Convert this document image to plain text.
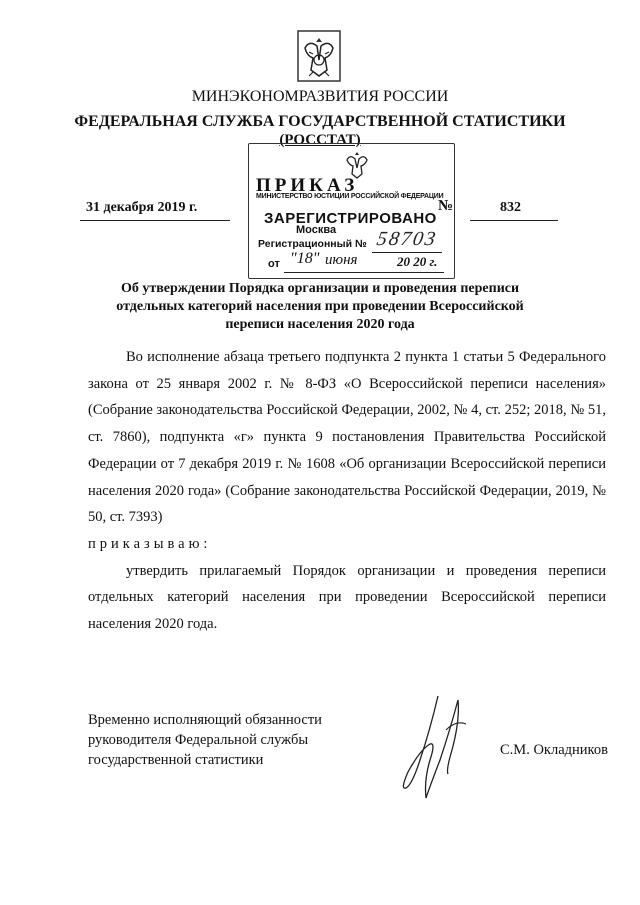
МИНЭКОНОМРАЗВИТИЯ РОССИИ
ФЕДЕРАЛЬНАЯ СЛУЖБА ГОСУДАРСТВЕННОЙ СТАТИСТИКИ
(РОССТАТ)
ПРИКАЗ
МИНИСТЕРСТВО ЮСТИЦИИ РОССИЙСКОЙ ФЕДЕРАЦИИ
ЗАРЕГИСТРИРОВАНО
Москва
Регистрационный № 58703
от "18" июня	20 20 г.
31 декабря 2019 г.	№	832
Об утверждении Порядка организации и проведения переписи отдельных категорий населения при проведении Всероссийской переписи населения 2020 года

Во исполнение абзаца третьего подпункта 2 пункта 1 статьи 5 Федерального закона от 25 января 2002 г. № 8-ФЗ «О Всероссийской переписи населения» (Собрание законодательства Российской Федерации, 2002, № 4, ст. 252; 2018, № 51, ст. 7860), подпункта «г» пункта 9 постановления Правительства Российской Федерации от 7 декабря 2019 г. № 1608 «Об организации Всероссийской переписи населения 2020 года» (Собрание законодательства Российской Федерации, 2019, № 50, ст. 7393)

приказываю:

утвердить прилагаемый Порядок организации и проведения переписи отдельных категорий населения при проведении Всероссийской переписи населения 2020 года.

Временно исполняющий обязанности
руководителя Федеральной службы
государственной статистики
С.М. Окладников
